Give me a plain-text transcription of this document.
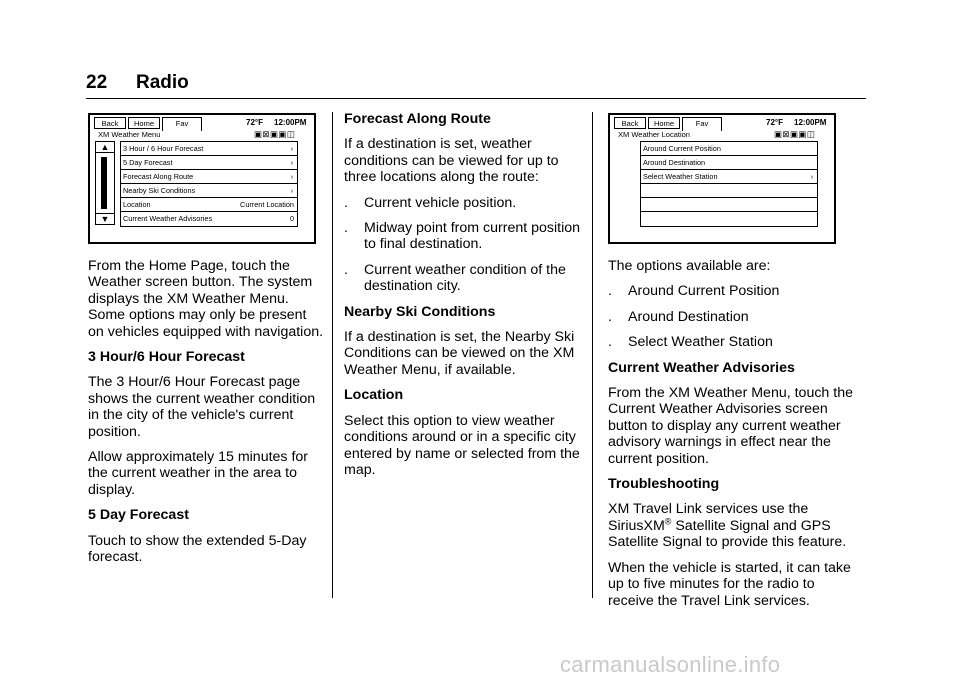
22 Radio
Back	Home	Fav	72°F 12:00PM
XM Weather Menu	▣⊠▣▣◫
▲
▼
3 Hour / 6 Hour Forecast	›
5 Day Forecast	›
Forecast Along Route	›
Nearby Ski Conditions	›
Location	Current Location
Current Weather Advisories	0

From the Home Page, touch the Weather screen button. The system displays the XM Weather Menu. Some options may only be present on vehicles equipped with navigation.

3 Hour/6 Hour Forecast

The 3 Hour/6 Hour Forecast page shows the current weather condition in the city of the vehicle's current position.

Allow approximately 15 minutes for the current weather in the area to display.

5 Day Forecast

Touch to show the extended 5-Day forecast.

Forecast Along Route

If a destination is set, weather conditions can be viewed for up to three locations along the route:

.	Current vehicle position.
.	Midway point from current position to final destination.
.	Current weather condition of the destination city.
Nearby Ski Conditions

If a destination is set, the Nearby Ski Conditions can be viewed on the XM Weather Menu, if available.

Location

Select this option to view weather conditions around or in a specific city entered by name or selected from the map.

Back	Home	Fav	72°F 12:00PM
XM Weather Location	▣⊠▣▣◫
Around Current Position
Around Destination
Select Weather Station	›

The options available are:

.	Around Current Position
.	Around Destination
.	Select Weather Station
Current Weather Advisories

From the XM Weather Menu, touch the Current Weather Advisories screen button to display any current weather advisory warnings in effect near the current position.

Troubleshooting

XM Travel Link services use the SiriusXM® Satellite Signal and GPS Satellite Signal to provide this feature.

When the vehicle is started, it can take up to five minutes for the radio to receive the Travel Link services.

carmanualsonline.info
